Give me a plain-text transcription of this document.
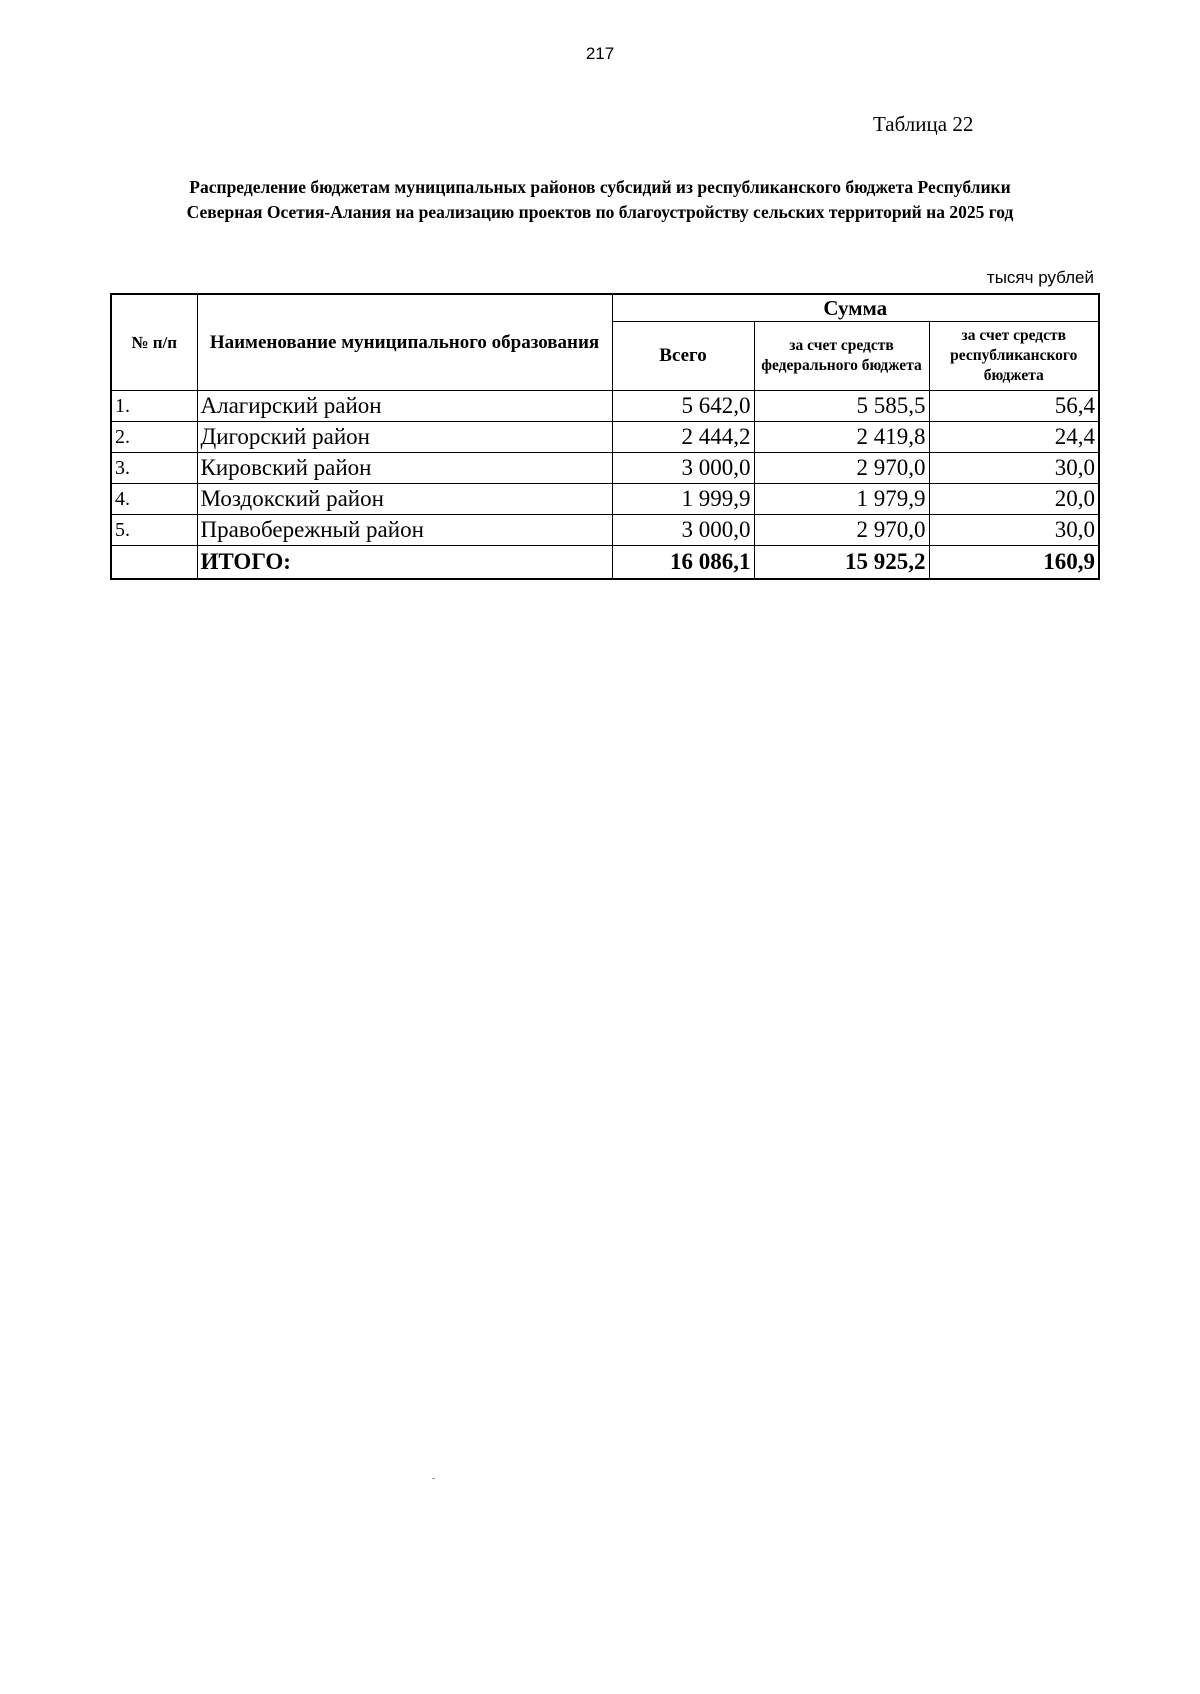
217
Таблица 22
Распределение бюджетам муниципальных районов субсидий из республиканского бюджета Республики
Северная Осетия-Алания на реализацию проектов по благоустройству сельских территорий на 2025 год
тысяч рублей
№ п/п	Наименование муниципального образования	Сумма		
		Всего	за счет средств федерального бюджета	за счет средств республиканского бюджета
1.	Алагирский район	5 642,0	5 585,5	56,4
2.	Дигорский район	2 444,2	2 419,8	24,4
3.	Кировский район	3 000,0	2 970,0	30,0
4.	Моздокский район	1 999,9	1 979,9	20,0
5.	Правобережный район	3 000,0	2 970,0	30,0
	ИТОГО:	16 086,1	15 925,2	160,9
